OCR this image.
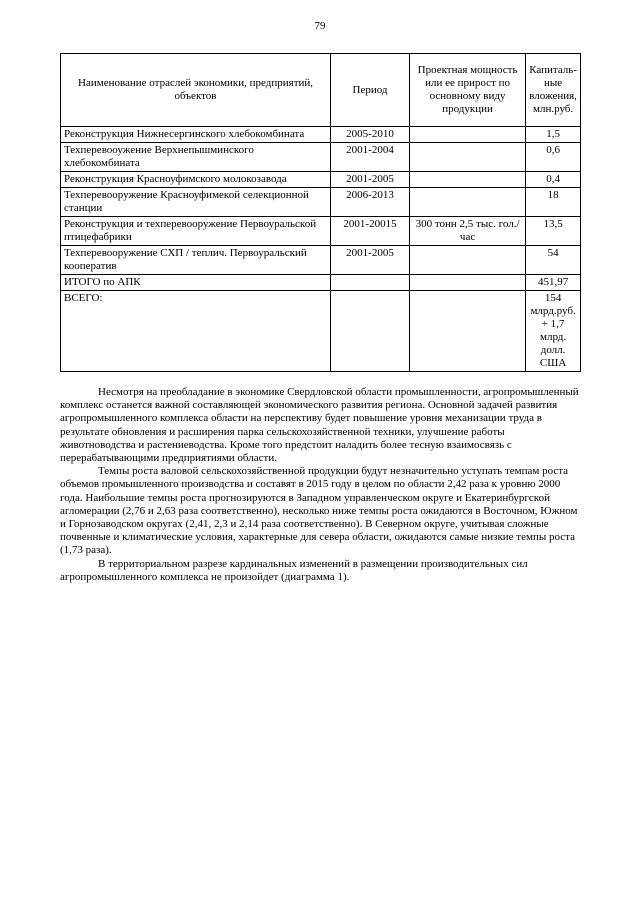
79
Наименование отраслей экономики, предприятий, объектов	Период	Проектная мощность или ее прирост по основному виду продукции	Капиталь-ные вложения, млн.руб.
Реконструкция Нижнесергинского хлебокомбината	2005-2010		1,5
Техперевооужение Верхнепышминского хлебокомбината	2001-2004		0,6
Реконструкция Красноуфимского молокозавода	2001-2005		0,4
Техперевооружение Красноуфимекой селекционной станции	2006-2013		18
Реконструкция и техперевооружение Первоуральской птицефабрики	2001-20015	300 тонн 2,5 тыс. гол./час	13,5
Техперевооружение СХП / теплич. Первоуральский кооператив	2001-2005		54
ИТОГО по АПК			451,97
ВСЕГО:			154 млрд.руб. + 1,7 млрд. долл. США

Несмотря на преобладание в экономике Свердловской области промышленности, агропромышленный комплекс останется важной составляющей экономического развития региона. Основной задачей развития агропромышленного комплекса области на перспективу будет повышение уровня механизации труда в результате обновления и расширения парка сельскохозяйственной техники, улучшение работы животноводства и растениеводства. Кроме того предстоит наладить более тесную взаимосвязь с перерабатывающими предприятиями области.

Темпы роста валовой сельскохозяйственной продукции будут незначительно уступать темпам роста объемов промышленного производства и составят в 2015 году в целом по области 2,42 раза к уровню 2000 года. Наибольшие темпы роста прогнозируются в Западном управленческом округе и Екатеринбургской агломерации (2,76 и 2,63 раза соответственно), несколько ниже темпы роста ожидаются в Восточном, Южном и Горнозаводском округах (2,41, 2,3 и 2,14 раза соответственно). В Северном округе, учитывая сложные почвенные и климатические условия, характерные для севера области, ожидаются самые низкие темпы роста (1,73 раза).

В территориальном разрезе кардинальных изменений в размещении производительных сил агропромышленного комплекса не произойдет (диаграмма 1).
